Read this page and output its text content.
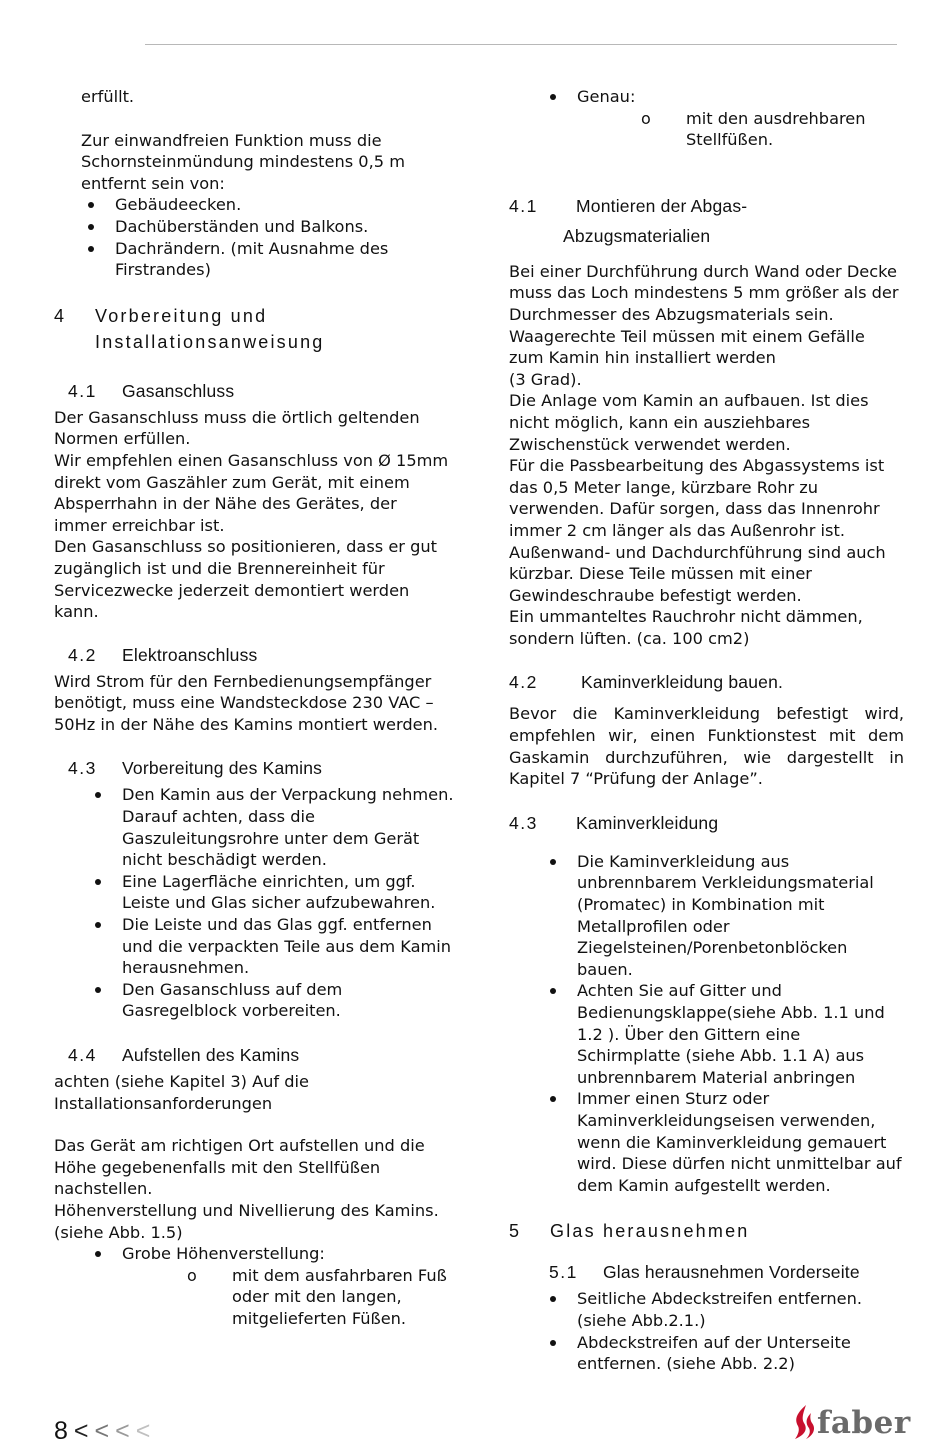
erfüllt.

Zur einwandfreien Funktion muss die Schornsteinmündung mindestens 0,5 m entfernt sein von:

Gebäudeecken.
Dachüberständen und Balkons.
Dachrändern. (mit Ausnahme des Firstrandes)
4	Vorbereitung und
Installationsanweisung
4.1	Gasanschluss

Der Gasanschluss muss die örtlich geltenden Normen erfüllen.

Wir empfehlen einen Gasanschluss von Ø 15mm direkt vom Gaszähler zum Gerät, mit einem Absperrhahn in der Nähe des Gerätes, der immer erreichbar ist.

Den Gasanschluss so positionieren, dass er gut zugänglich ist und die Brennereinheit für Servicezwecke jederzeit demontiert werden kann.

4.2	Elektroanschluss

Wird Strom für den Fernbedienungsempfänger benötigt, muss eine Wandsteckdose 230 VAC – 50Hz in der Nähe des Kamins montiert werden.

4.3	Vorbereitung des Kamins
Den Kamin aus der Verpackung nehmen. Darauf achten, dass die Gaszuleitungsrohre unter dem Gerät nicht beschädigt werden.
Eine Lagerfläche einrichten, um ggf. Leiste und Glas sicher aufzubewahren.
Die Leiste und das Glas ggf. entfernen und die verpackten Teile aus dem Kamin herausnehmen.
Den Gasanschluss auf dem Gasregelblock vorbereiten.
4.4	Aufstellen des Kamins

achten (siehe Kapitel 3) Auf die Installationsanforderungen

Das Gerät am richtigen Ort aufstellen und die Höhe gegebenenfalls mit den Stellfüßen nachstellen.

Höhenverstellung und Nivellierung des Kamins.(siehe Abb. 1.5)

Grobe Höhenverstellung:
o mit dem ausfahrbaren Fuß oder mit den langen, mitgelieferten Füßen.
Genau:
o mit den ausdrehbaren Stellfüßen.
4.1	Montieren der Abgas-
Abzugsmaterialien

Bei einer Durchführung durch Wand oder Decke muss das Loch mindestens 5 mm größer als der Durchmesser des Abzugsmaterials sein. Waagerechte Teil müssen mit einem Gefälle zum Kamin hin installiert werden

(3 Grad).

Die Anlage vom Kamin an aufbauen. Ist dies nicht möglich, kann ein ausziehbares Zwischenstück verwendet werden.

Für die Passbearbeitung des Abgassystems ist das 0,5 Meter lange, kürzbare Rohr zu verwenden. Dafür sorgen, dass das Innenrohr immer 2 cm länger als das Außenrohr ist. Außenwand- und Dachdurchführung sind auch kürzbar. Diese Teile müssen mit einer Gewindeschraube befestigt werden.

Ein ummanteltes Rauchrohr nicht dämmen, sondern lüften. (ca. 100 cm2)

4.2	Kaminverkleidung bauen.

Bevor die Kaminverkleidung befestigt wird, empfehlen wir, einen Funktionstest mit dem Gaskamin durchzuführen, wie dargestellt in Kapitel 7 “Prüfung der Anlage”.

4.3	Kaminverkleidung
Die Kaminverkleidung aus unbrennbarem Verkleidungsmaterial (Promatec) in Kombination mit Metallprofilen oder Ziegelsteinen/Porenbetonblöcken bauen.
Achten Sie auf Gitter und Bedienungsklappe(siehe Abb. 1.1 und 1.2 ). Über den Gittern eine Schirmplatte (siehe Abb. 1.1 A) aus unbrennbarem Material anbringen
Immer einen Sturz oder Kaminverkleidungseisen verwenden, wenn die Kaminverkleidung gemauert wird. Diese dürfen nicht unmittelbar auf dem Kamin aufgestellt werden.
5	Glas herausnehmen
5.1	Glas herausnehmen Vorderseite
Seitliche Abdeckstreifen entfernen. (siehe Abb.2.1.)
Abdeckstreifen auf der Unterseite entfernen. (siehe Abb. 2.2)
8 < < < <	faber
